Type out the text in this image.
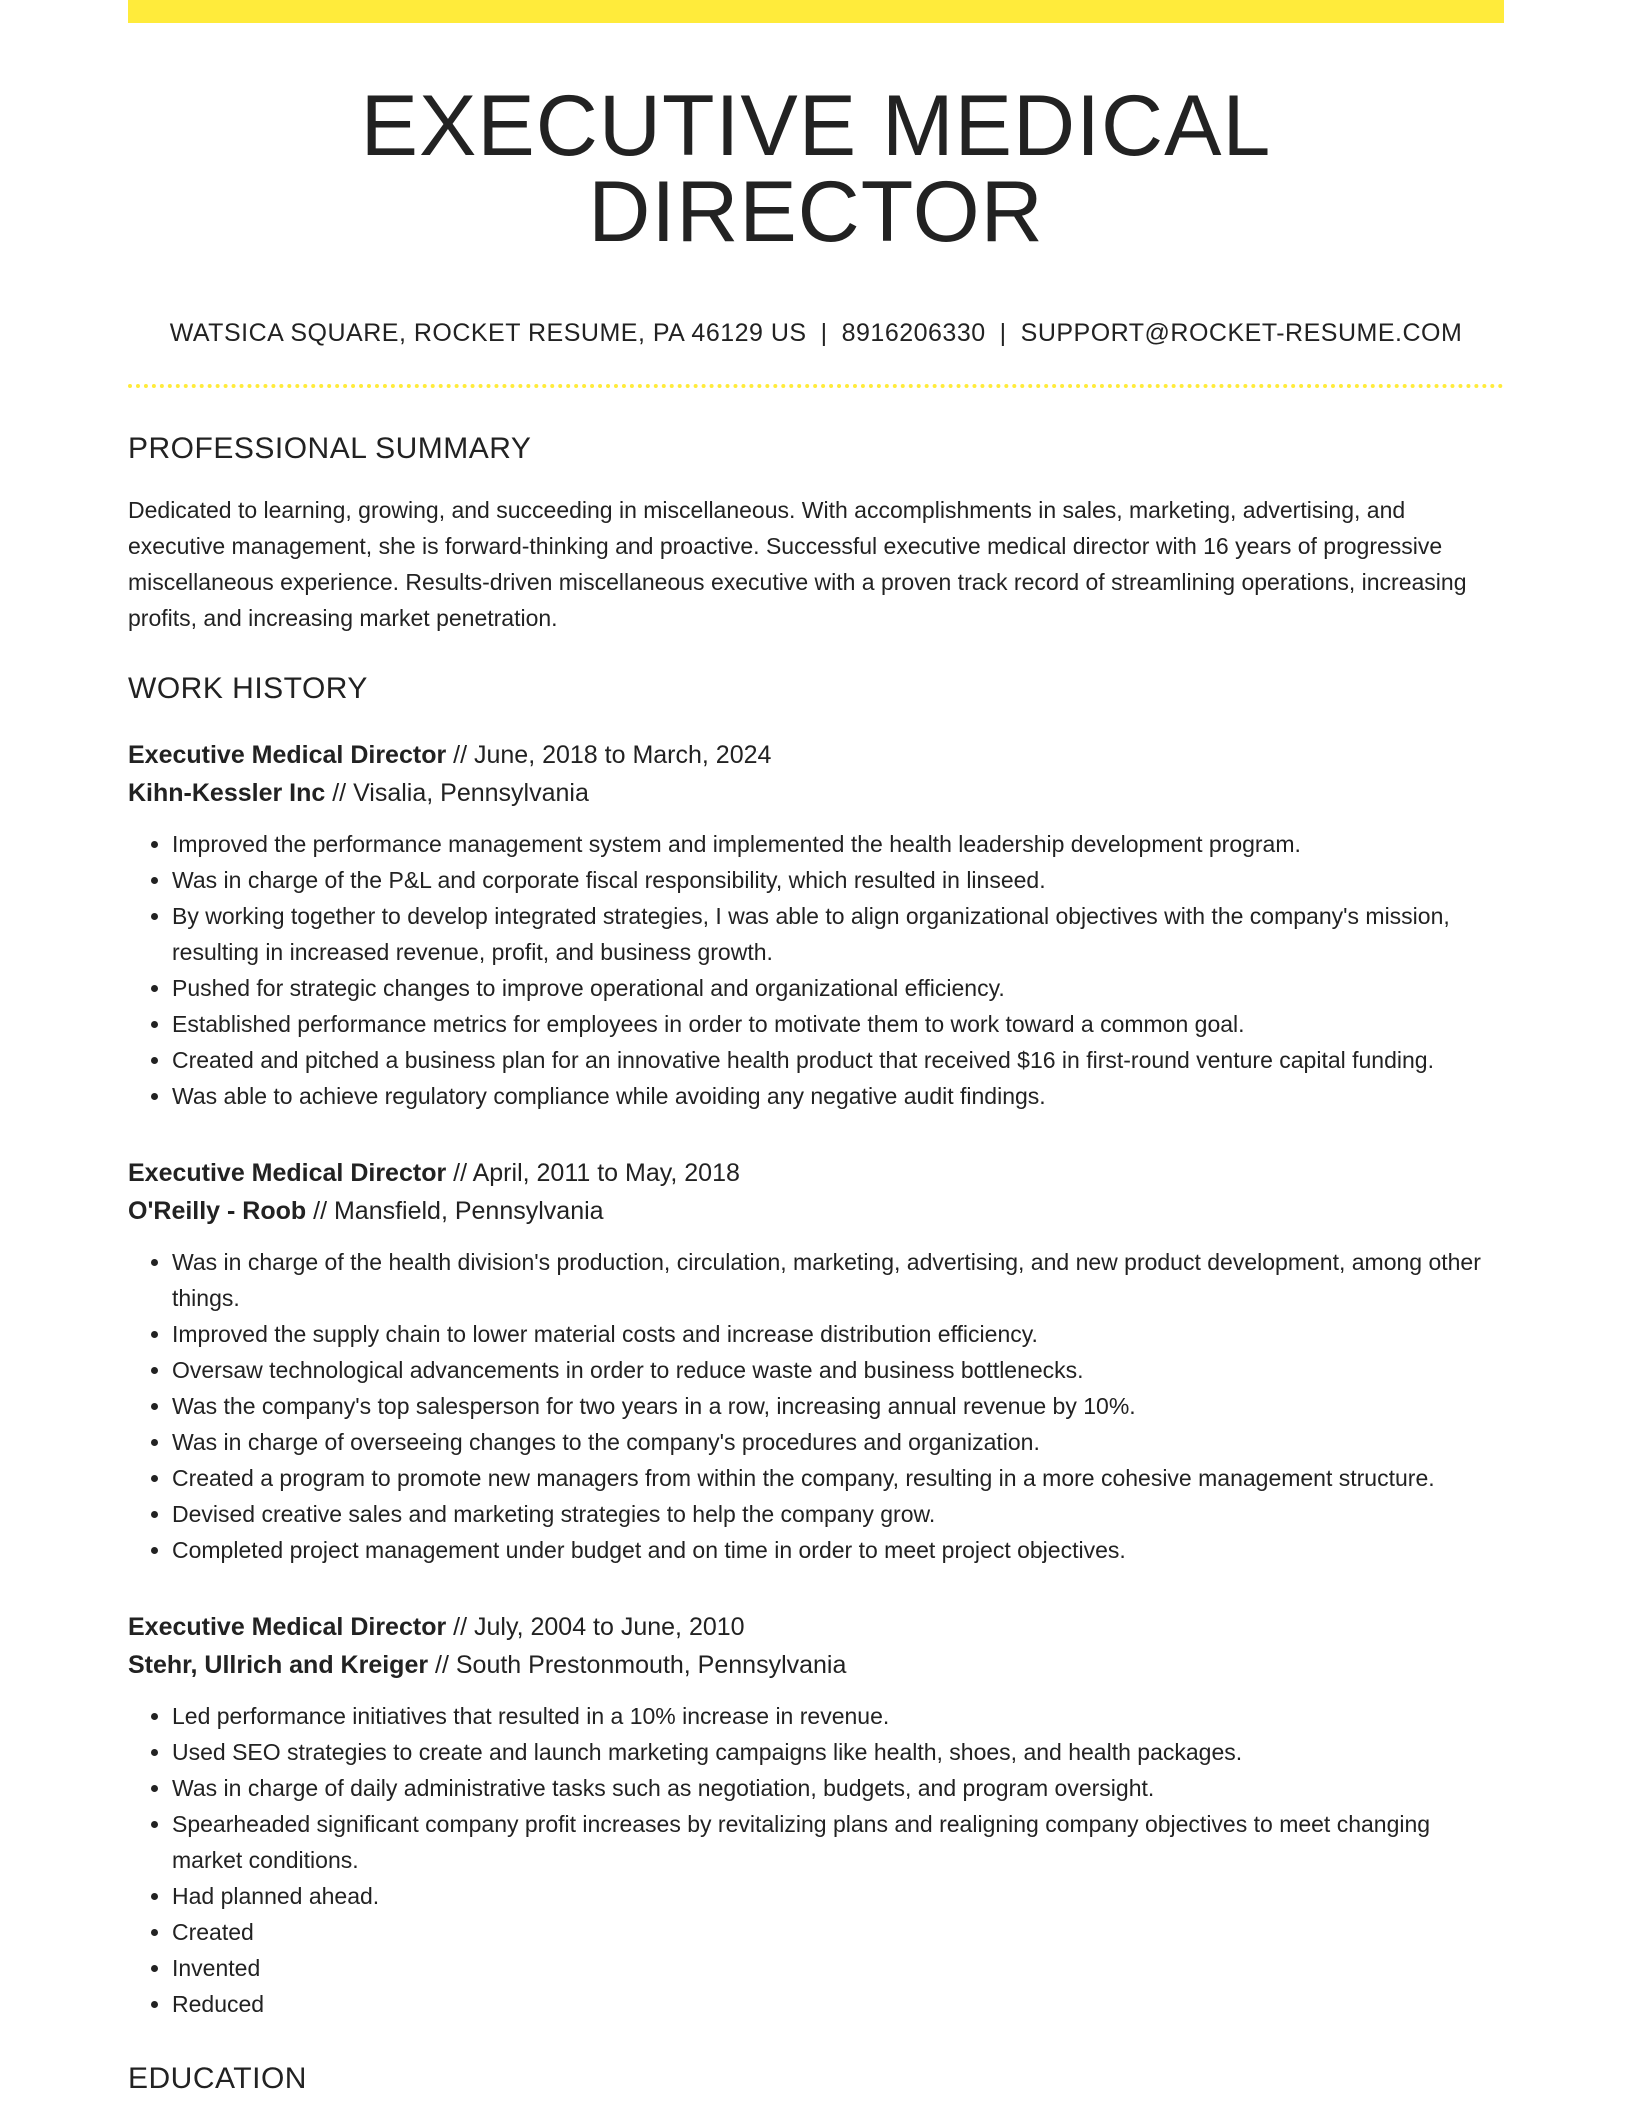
EXECUTIVE MEDICAL DIRECTOR
WATSICA SQUARE, ROCKET RESUME, PA 46129 US | 8916206330 | SUPPORT@ROCKET-RESUME.COM
PROFESSIONAL SUMMARY

Dedicated to learning, growing, and succeeding in miscellaneous. With accomplishments in sales, marketing, advertising, and executive management, she is forward-thinking and proactive. Successful executive medical director with 16 years of progressive miscellaneous experience. Results-driven miscellaneous executive with a proven track record of streamlining operations, increasing profits, and increasing market penetration.

WORK HISTORY
Executive Medical Director // June, 2018 to March, 2024
Kihn-Kessler Inc // Visalia, Pennsylvania
• Improved the performance management system and implemented the health leadership development program.
• Was in charge of the P&L and corporate fiscal responsibility, which resulted in linseed.
• By working together to develop integrated strategies, I was able to align organizational objectives with the company's mission, resulting in increased revenue, profit, and business growth.
• Pushed for strategic changes to improve operational and organizational efficiency.
• Established performance metrics for employees in order to motivate them to work toward a common goal.
• Created and pitched a business plan for an innovative health product that received $16 in first-round venture capital funding.
• Was able to achieve regulatory compliance while avoiding any negative audit findings.
Executive Medical Director // April, 2011 to May, 2018
O'Reilly - Roob // Mansfield, Pennsylvania
• Was in charge of the health division's production, circulation, marketing, advertising, and new product development, among other things.
• Improved the supply chain to lower material costs and increase distribution efficiency.
• Oversaw technological advancements in order to reduce waste and business bottlenecks.
• Was the company's top salesperson for two years in a row, increasing annual revenue by 10%.
• Was in charge of overseeing changes to the company's procedures and organization.
• Created a program to promote new managers from within the company, resulting in a more cohesive management structure.
• Devised creative sales and marketing strategies to help the company grow.
• Completed project management under budget and on time in order to meet project objectives.
Executive Medical Director // July, 2004 to June, 2010
Stehr, Ullrich and Kreiger // South Prestonmouth, Pennsylvania
• Led performance initiatives that resulted in a 10% increase in revenue.
• Used SEO strategies to create and launch marketing campaigns like health, shoes, and health packages.
• Was in charge of daily administrative tasks such as negotiation, budgets, and program oversight.
• Spearheaded significant company profit increases by revitalizing plans and realigning company objectives to meet changing market conditions.
• Had planned ahead.
• Created
• Invented
• Reduced
EDUCATION
